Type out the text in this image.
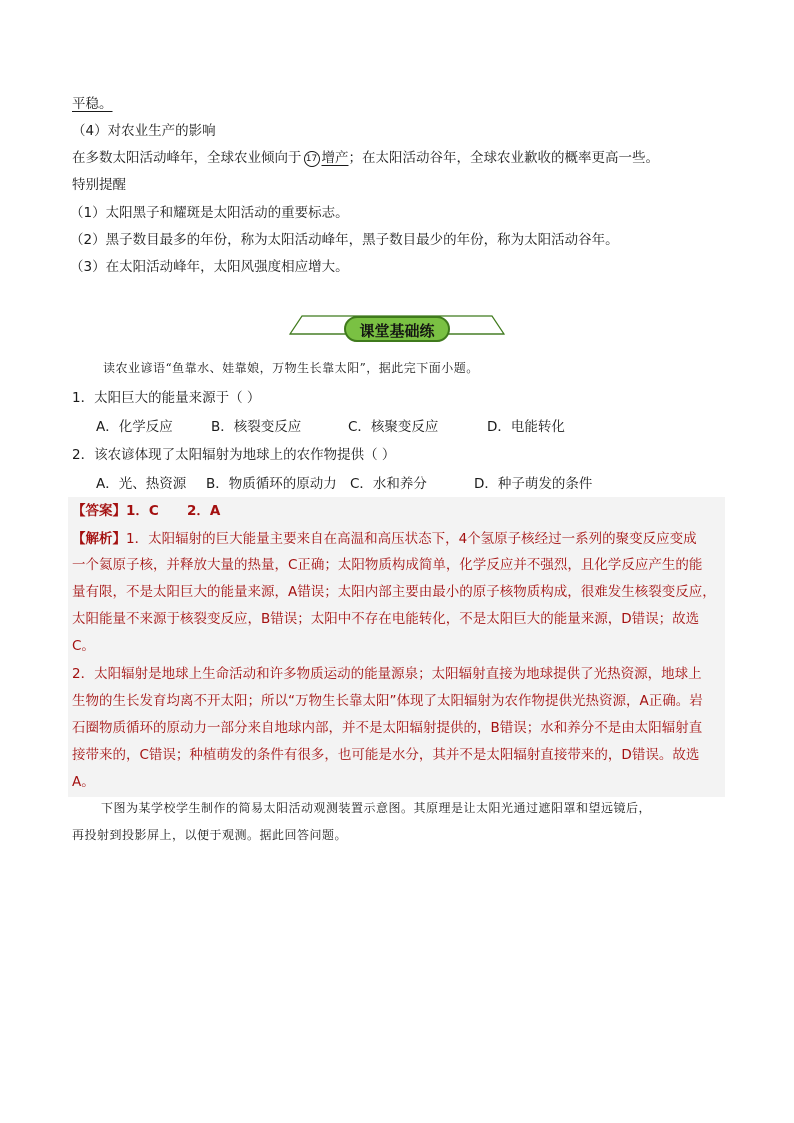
平稳。
（4）对农业生产的影响
在多数太阳活动峰年，全球农业倾向于 17 增产；在太阳活动谷年，全球农业歉收的概率更高一些。
特别提醒
（1）太阳黑子和耀斑是太阳活动的重要标志。
（2）黑子数目最多的年份，称为太阳活动峰年，黑子数目最少的年份，称为太阳活动谷年。
（3）在太阳活动峰年，太阳风强度相应增大。
课堂基础练
读农业谚语“鱼靠水、娃靠娘，万物生长靠太阳”，据此完下面小题。
1．太阳巨大的能量来源于（ ）
A．化学反应	B．核裂变反应	C．核聚变反应	D．电能转化
2．该农谚体现了太阳辐射为地球上的农作物提供（ ）
A．光、热资源 B．物质循环的原动力 C．水和养分	D．种子萌发的条件
【答案】1．C      2．A
【解析】1．太阳辐射的巨大能量主要来自在高温和高压状态下，4个氢原子核经过一系列的聚变反应变成
一个氦原子核，并释放大量的热量，C正确；太阳物质构成简单，化学反应并不强烈，且化学反应产生的能
量有限，不是太阳巨大的能量来源，A错误；太阳内部主要由最小的原子核物质构成，很难发生核裂变反应，
太阳能量不来源于核裂变反应，B错误；太阳中不存在电能转化，不是太阳巨大的能量来源，D错误；故选
C。
2．太阳辐射是地球上生命活动和许多物质运动的能量源泉；太阳辐射直接为地球提供了光热资源，地球上
生物的生长发育均离不开太阳；所以“万物生长靠太阳”体现了太阳辐射为农作物提供光热资源，A正确。岩
石圈物质循环的原动力一部分来自地球内部，并不是太阳辐射提供的，B错误；水和养分不是由太阳辐射直
接带来的，C错误；种植萌发的条件有很多，也可能是水分，其并不是太阳辐射直接带来的，D错误。故选
A。
下图为某学校学生制作的简易太阳活动观测装置示意图。其原理是让太阳光通过遮阳罩和望远镜后，
再投射到投影屏上，以便于观测。据此回答问题。
